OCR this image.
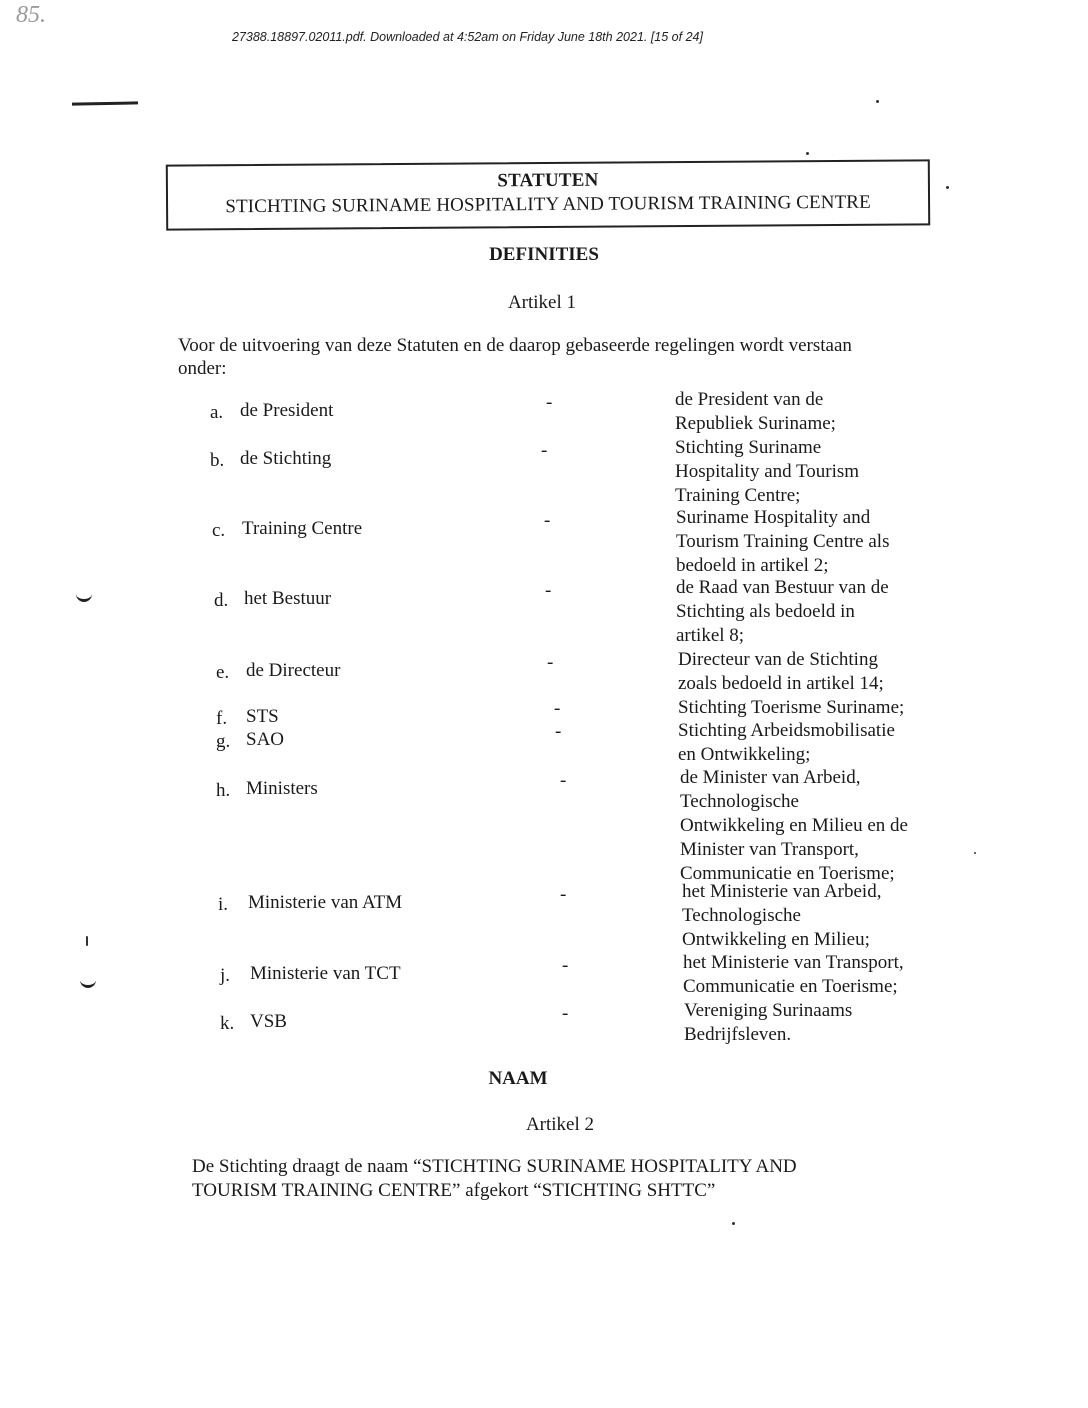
85.
27388.18897.02011.pdf. Downloaded at 4:52am on Friday June 18th 2021. [15 of 24]
STATUTEN
STICHTING SURINAME HOSPITALITY AND TOURISM TRAINING CENTRE
DEFINITIES
Artikel 1
Voor de uitvoering van deze Statuten en de daarop gebaseerde regelingen wordt verstaan
onder:
a. de President	-	de President van de
Republiek Suriname;
b. de Stichting	-	Stichting Suriname
Hospitality and Tourism
Training Centre;
c. Training Centre	-	Suriname Hospitality and
Tourism Training Centre als
bedoeld in artikel 2;
d. het Bestuur	-	de Raad van Bestuur van de
Stichting als bedoeld in
artikel 8;
e. de Directeur	-	Directeur van de Stichting
zoals bedoeld in artikel 14;
f. STS	-	Stichting Toerisme Suriname;
g. SAO	-	Stichting Arbeidsmobilisatie
en Ontwikkeling;
h. Ministers	-	de Minister van Arbeid,
Technologische
Ontwikkeling en Milieu en de
Minister van Transport,
Communicatie en Toerisme;
i. Ministerie van ATM	-	het Ministerie van Arbeid,
Technologische
Ontwikkeling en Milieu;
j. Ministerie van TCT	-	het Ministerie van Transport,
Communicatie en Toerisme;
k. VSB	-	Vereniging Surinaams
Bedrijfsleven.
NAAM
Artikel 2
De Stichting draagt de naam “STICHTING SURINAME HOSPITALITY AND
TOURISM TRAINING CENTRE” afgekort “STICHTING SHTTC”
